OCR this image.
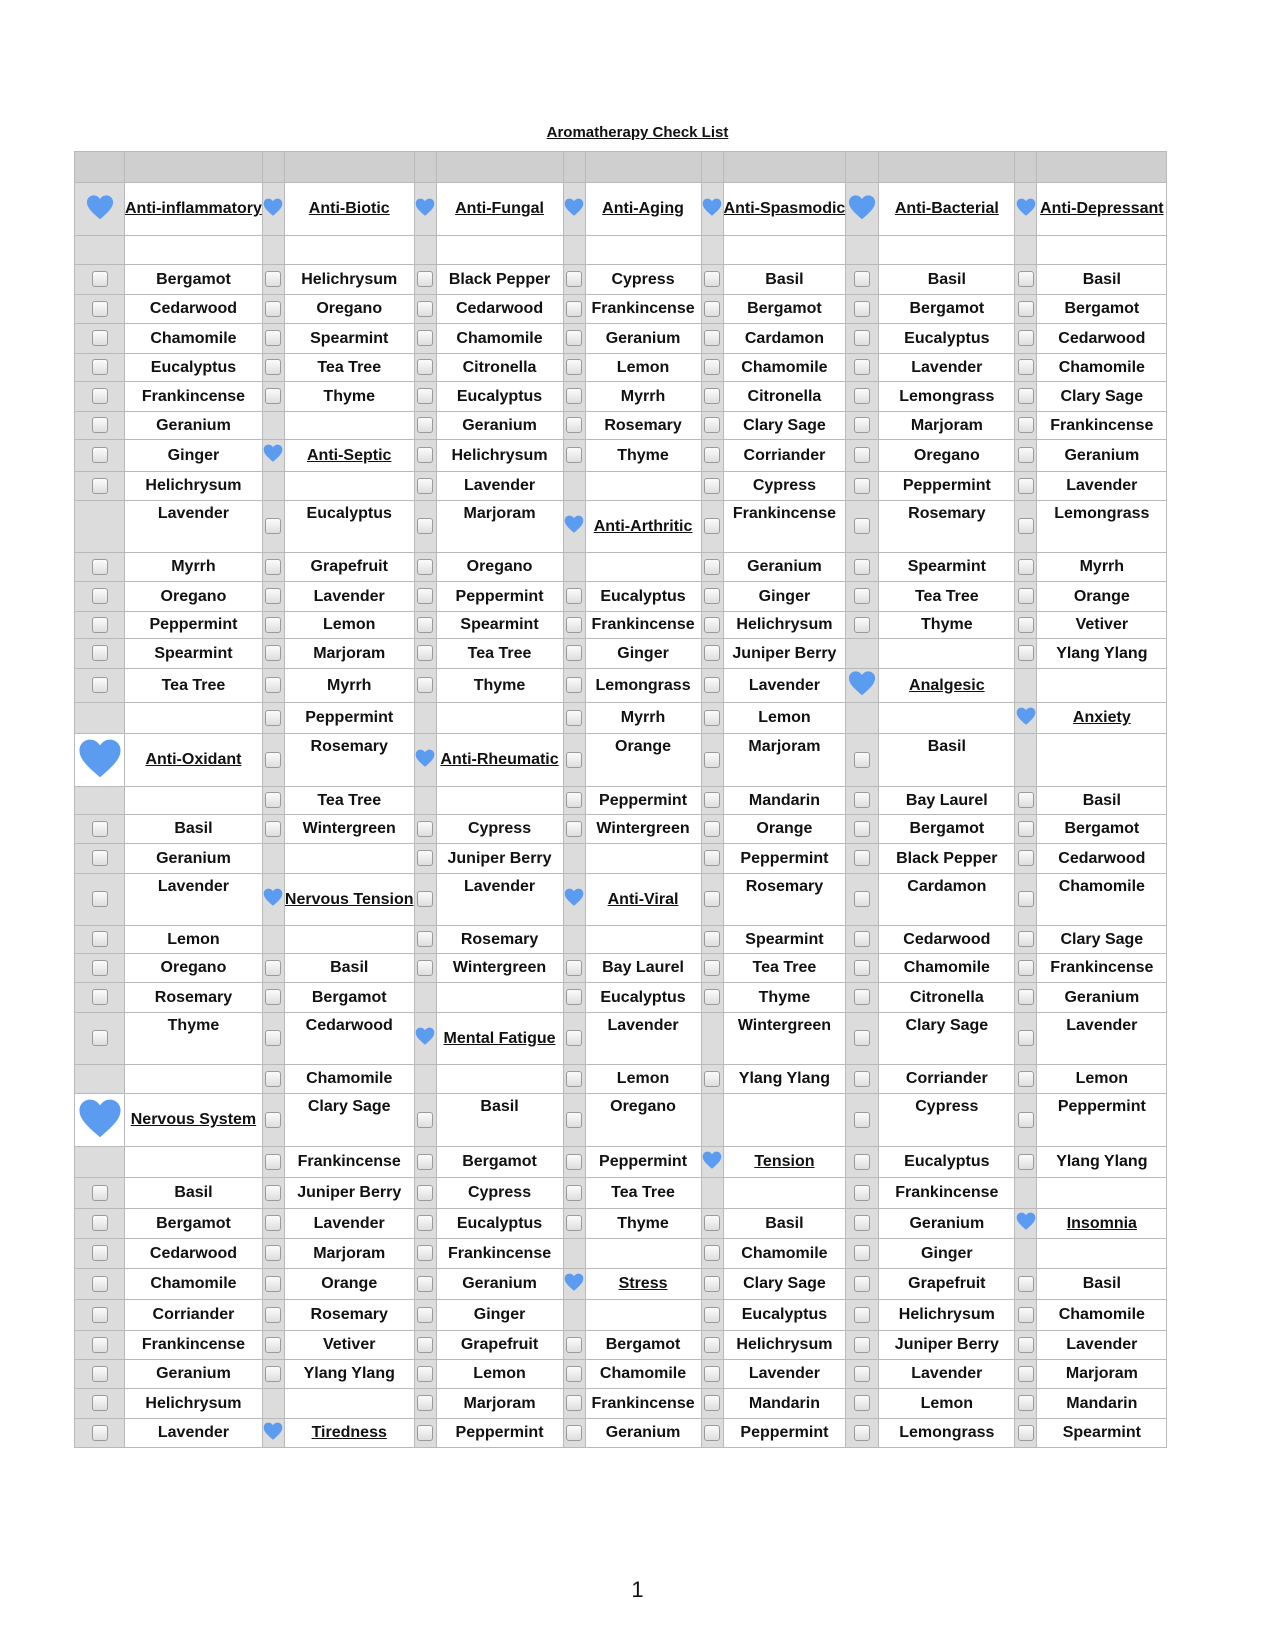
Aromatherapy Check List

	Anti-inflammatory		Anti-Biotic		Anti-Fungal		Anti-Aging		Anti-Spasmodic		Anti-Bacterial		Anti-Depressant

	Bergamot		Helichrysum		Black Pepper		Cypress		Basil		Basil		Basil
	Cedarwood		Oregano		Cedarwood		Frankincense		Bergamot		Bergamot		Bergamot
	Chamomile		Spearmint		Chamomile		Geranium		Cardamon		Eucalyptus		Cedarwood
	Eucalyptus		Tea Tree		Citronella		Lemon		Chamomile		Lavender		Chamomile
	Frankincense		Thyme		Eucalyptus		Myrrh		Citronella		Lemongrass		Clary Sage
	Geranium				Geranium		Rosemary		Clary Sage		Marjoram		Frankincense
	Ginger		Anti-Septic		Helichrysum		Thyme		Corriander		Oregano		Geranium
	Helichrysum				Lavender				Cypress		Peppermint		Lavender
	Lavender		Eucalyptus		Marjoram		Anti-Arthritic		Frankincense		Rosemary		Lemongrass
	Myrrh		Grapefruit		Oregano				Geranium		Spearmint		Myrrh
	Oregano		Lavender		Peppermint		Eucalyptus		Ginger		Tea Tree		Orange
	Peppermint		Lemon		Spearmint		Frankincense		Helichrysum		Thyme		Vetiver
	Spearmint		Marjoram		Tea Tree		Ginger		Juniper Berry				Ylang Ylang
	Tea Tree		Myrrh		Thyme		Lemongrass		Lavender		Analgesic		
			Peppermint				Myrrh		Lemon				Anxiety
	Anti-Oxidant		Rosemary		Anti-Rheumatic		Orange		Marjoram		Basil		
			Tea Tree				Peppermint		Mandarin		Bay Laurel		Basil
	Basil		Wintergreen		Cypress		Wintergreen		Orange		Bergamot		Bergamot
	Geranium				Juniper Berry				Peppermint		Black Pepper		Cedarwood
	Lavender		Nervous Tension		Lavender		Anti-Viral		Rosemary		Cardamon		Chamomile
	Lemon				Rosemary				Spearmint		Cedarwood		Clary Sage
	Oregano		Basil		Wintergreen		Bay Laurel		Tea Tree		Chamomile		Frankincense
	Rosemary		Bergamot				Eucalyptus		Thyme		Citronella		Geranium
	Thyme		Cedarwood		Mental Fatigue		Lavender		Wintergreen		Clary Sage		Lavender
			Chamomile				Lemon		Ylang Ylang		Corriander		Lemon
	Nervous System		Clary Sage		Basil		Oregano				Cypress		Peppermint
			Frankincense		Bergamot		Peppermint		Tension		Eucalyptus		Ylang Ylang
	Basil		Juniper Berry		Cypress		Tea Tree				Frankincense		
	Bergamot		Lavender		Eucalyptus		Thyme		Basil		Geranium		Insomnia
	Cedarwood		Marjoram		Frankincense				Chamomile		Ginger		
	Chamomile		Orange		Geranium		Stress		Clary Sage		Grapefruit		Basil
	Corriander		Rosemary		Ginger				Eucalyptus		Helichrysum		Chamomile
	Frankincense		Vetiver		Grapefruit		Bergamot		Helichrysum		Juniper Berry		Lavender
	Geranium		Ylang Ylang		Lemon		Chamomile		Lavender		Lavender		Marjoram
	Helichrysum				Marjoram		Frankincense		Mandarin		Lemon		Mandarin
	Lavender		Tiredness		Peppermint		Geranium		Peppermint		Lemongrass		Spearmint
1
